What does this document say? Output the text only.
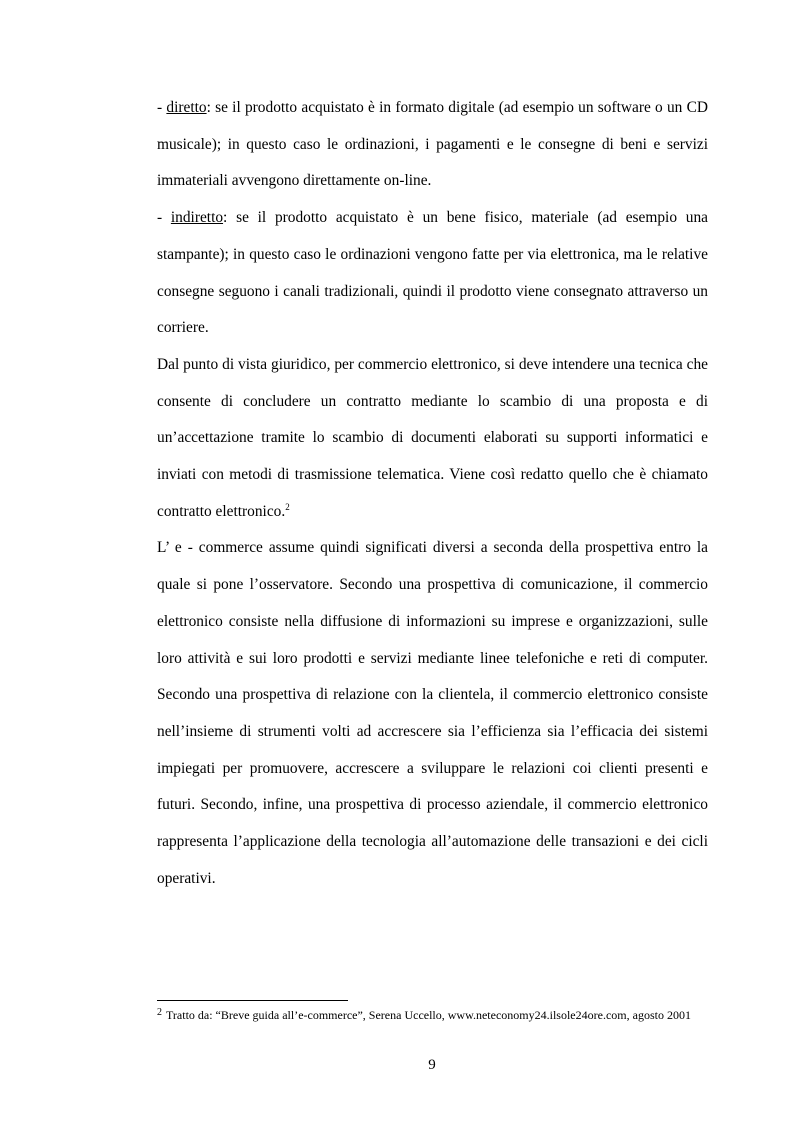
- diretto: se il prodotto acquistato è in formato digitale (ad esempio un software o un CD musicale); in questo caso le ordinazioni, i pagamenti e le consegne di beni e servizi immateriali avvengono direttamente on-line.

- indiretto: se il prodotto acquistato è un bene fisico, materiale (ad esempio una stampante); in questo caso le ordinazioni vengono fatte per via elettronica, ma le relative consegne seguono i canali tradizionali, quindi il prodotto viene consegnato attraverso un corriere.

Dal punto di vista giuridico, per commercio elettronico, si deve intendere una tecnica che consente di concludere un contratto mediante lo scambio di una proposta e di un’accettazione tramite lo scambio di documenti elaborati su supporti informatici e inviati con metodi di trasmissione telematica. Viene così redatto quello che è chiamato contratto elettronico.$^2$

L’ e - commerce assume quindi significati diversi a seconda della prospettiva entro la quale si pone l’osservatore. Secondo una prospettiva di comunicazione, il commercio elettronico consiste nella diffusione di informazioni su imprese e organizzazioni, sulle loro attività e sui loro prodotti e servizi mediante linee telefoniche e reti di computer. Secondo una prospettiva di relazione con la clientela, il commercio elettronico consiste nell’insieme di strumenti volti ad accrescere sia l’efficienza sia l’efficacia dei sistemi impiegati per promuovere, accrescere a sviluppare le relazioni coi clienti presenti e futuri. Secondo, infine, una prospettiva di processo aziendale, il commercio elettronico rappresenta l’applicazione della tecnologia all’automazione delle transazioni e dei cicli operativi.

$^2$ Tratto da: “Breve guida all’e-commerce”, Serena Uccello, www.neteconomy24.ilsole24ore.com, agosto 2001
9
